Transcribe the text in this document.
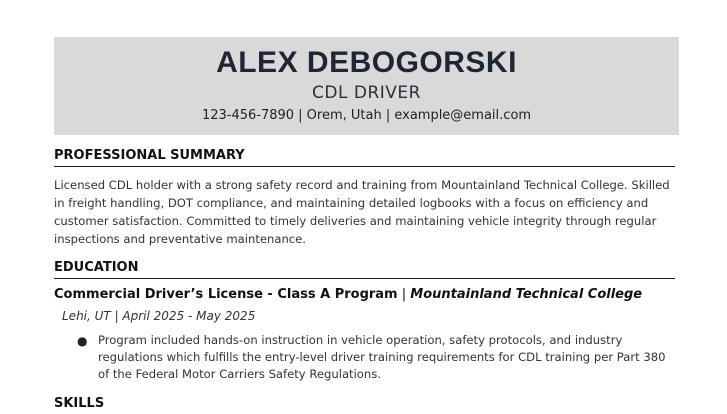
ALEX DEBOGORSKI
CDL DRIVER
123-456-7890 | Orem, Utah | example@email.com
PROFESSIONAL SUMMARY
Licensed CDL holder with a strong safety record and training from Mountainland Technical College. Skilled in freight handling, DOT compliance, and maintaining detailed logbooks with a focus on efficiency and customer satisfaction. Committed to timely deliveries and maintaining vehicle integrity through regular inspections and preventative maintenance.
EDUCATION
Commercial Driver’s License - Class A Program | Mountainland Technical College
Lehi, UT | April 2025 - May 2025
● Program included hands-on instruction in vehicle operation, safety protocols, and industry regulations which fulfills the entry-level driver training requirements for CDL training per Part 380 of the Federal Motor Carriers Safety Regulations.
SKILLS
